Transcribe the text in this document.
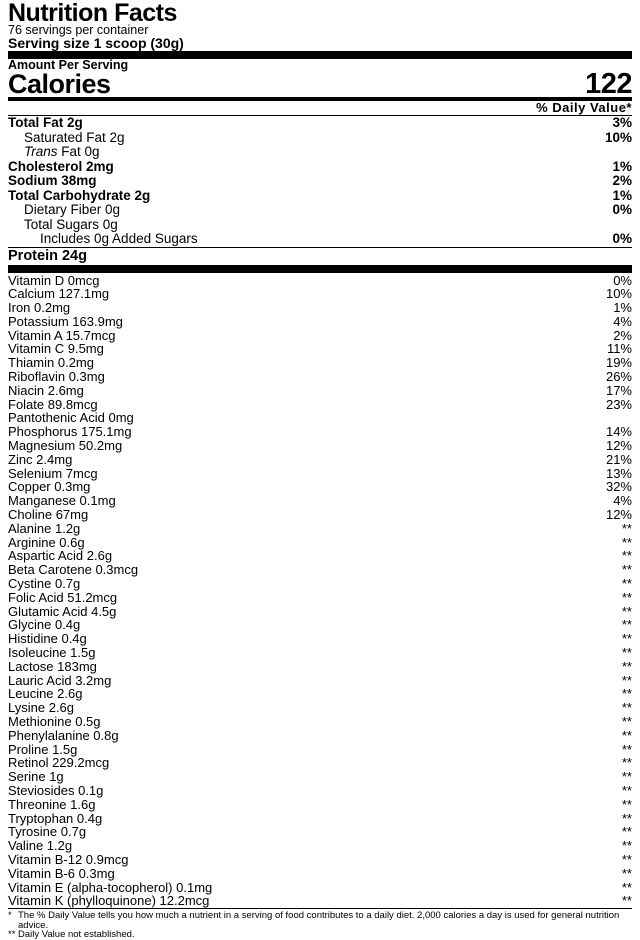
Nutrition Facts
76 servings per container
Serving size 1 scoop (30g)
Amount Per Serving
Calories	122
% Daily Value*
Total Fat 2g	3%
Saturated Fat 2g	10%
Trans Fat 0g
Cholesterol 2mg	1%
Sodium 38mg	2%
Total Carbohydrate 2g	1%
Dietary Fiber 0g	0%
Total Sugars 0g
Includes 0g Added Sugars	0%
Protein 24g
Vitamin D 0mcg	0%
Calcium 127.1mg	10%
Iron 0.2mg	1%
Potassium 163.9mg	4%
Vitamin A 15.7mcg	2%
Vitamin C 9.5mg	11%
Thiamin 0.2mg	19%
Riboflavin 0.3mg	26%
Niacin 2.6mg	17%
Folate 89.8mcg	23%
Pantothenic Acid 0mg
Phosphorus 175.1mg	14%
Magnesium 50.2mg	12%
Zinc 2.4mg	21%
Selenium 7mcg	13%
Copper 0.3mg	32%
Manganese 0.1mg	4%
Choline 67mg	12%
Alanine 1.2g	**
Arginine 0.6g	**
Aspartic Acid 2.6g	**
Beta Carotene 0.3mcg	**
Cystine 0.7g	**
Folic Acid 51.2mcg	**
Glutamic Acid 4.5g	**
Glycine 0.4g	**
Histidine 0.4g	**
Isoleucine 1.5g	**
Lactose 183mg	**
Lauric Acid 3.2mg	**
Leucine 2.6g	**
Lysine 2.6g	**
Methionine 0.5g	**
Phenylalanine 0.8g	**
Proline 1.5g	**
Retinol 229.2mcg	**
Serine 1g	**
Steviosides 0.1g	**
Threonine 1.6g	**
Tryptophan 0.4g	**
Tyrosine 0.7g	**
Valine 1.2g	**
Vitamin B-12 0.9mcg	**
Vitamin B-6 0.3mg	**
Vitamin E (alpha-tocopherol) 0.1mg	**
Vitamin K (phylloquinone) 12.2mcg	**
* The % Daily Value tells you how much a nutrient in a serving of food contributes to a daily diet. 2,000 calories a day is used for general nutrition advice.
** Daily Value not established.
